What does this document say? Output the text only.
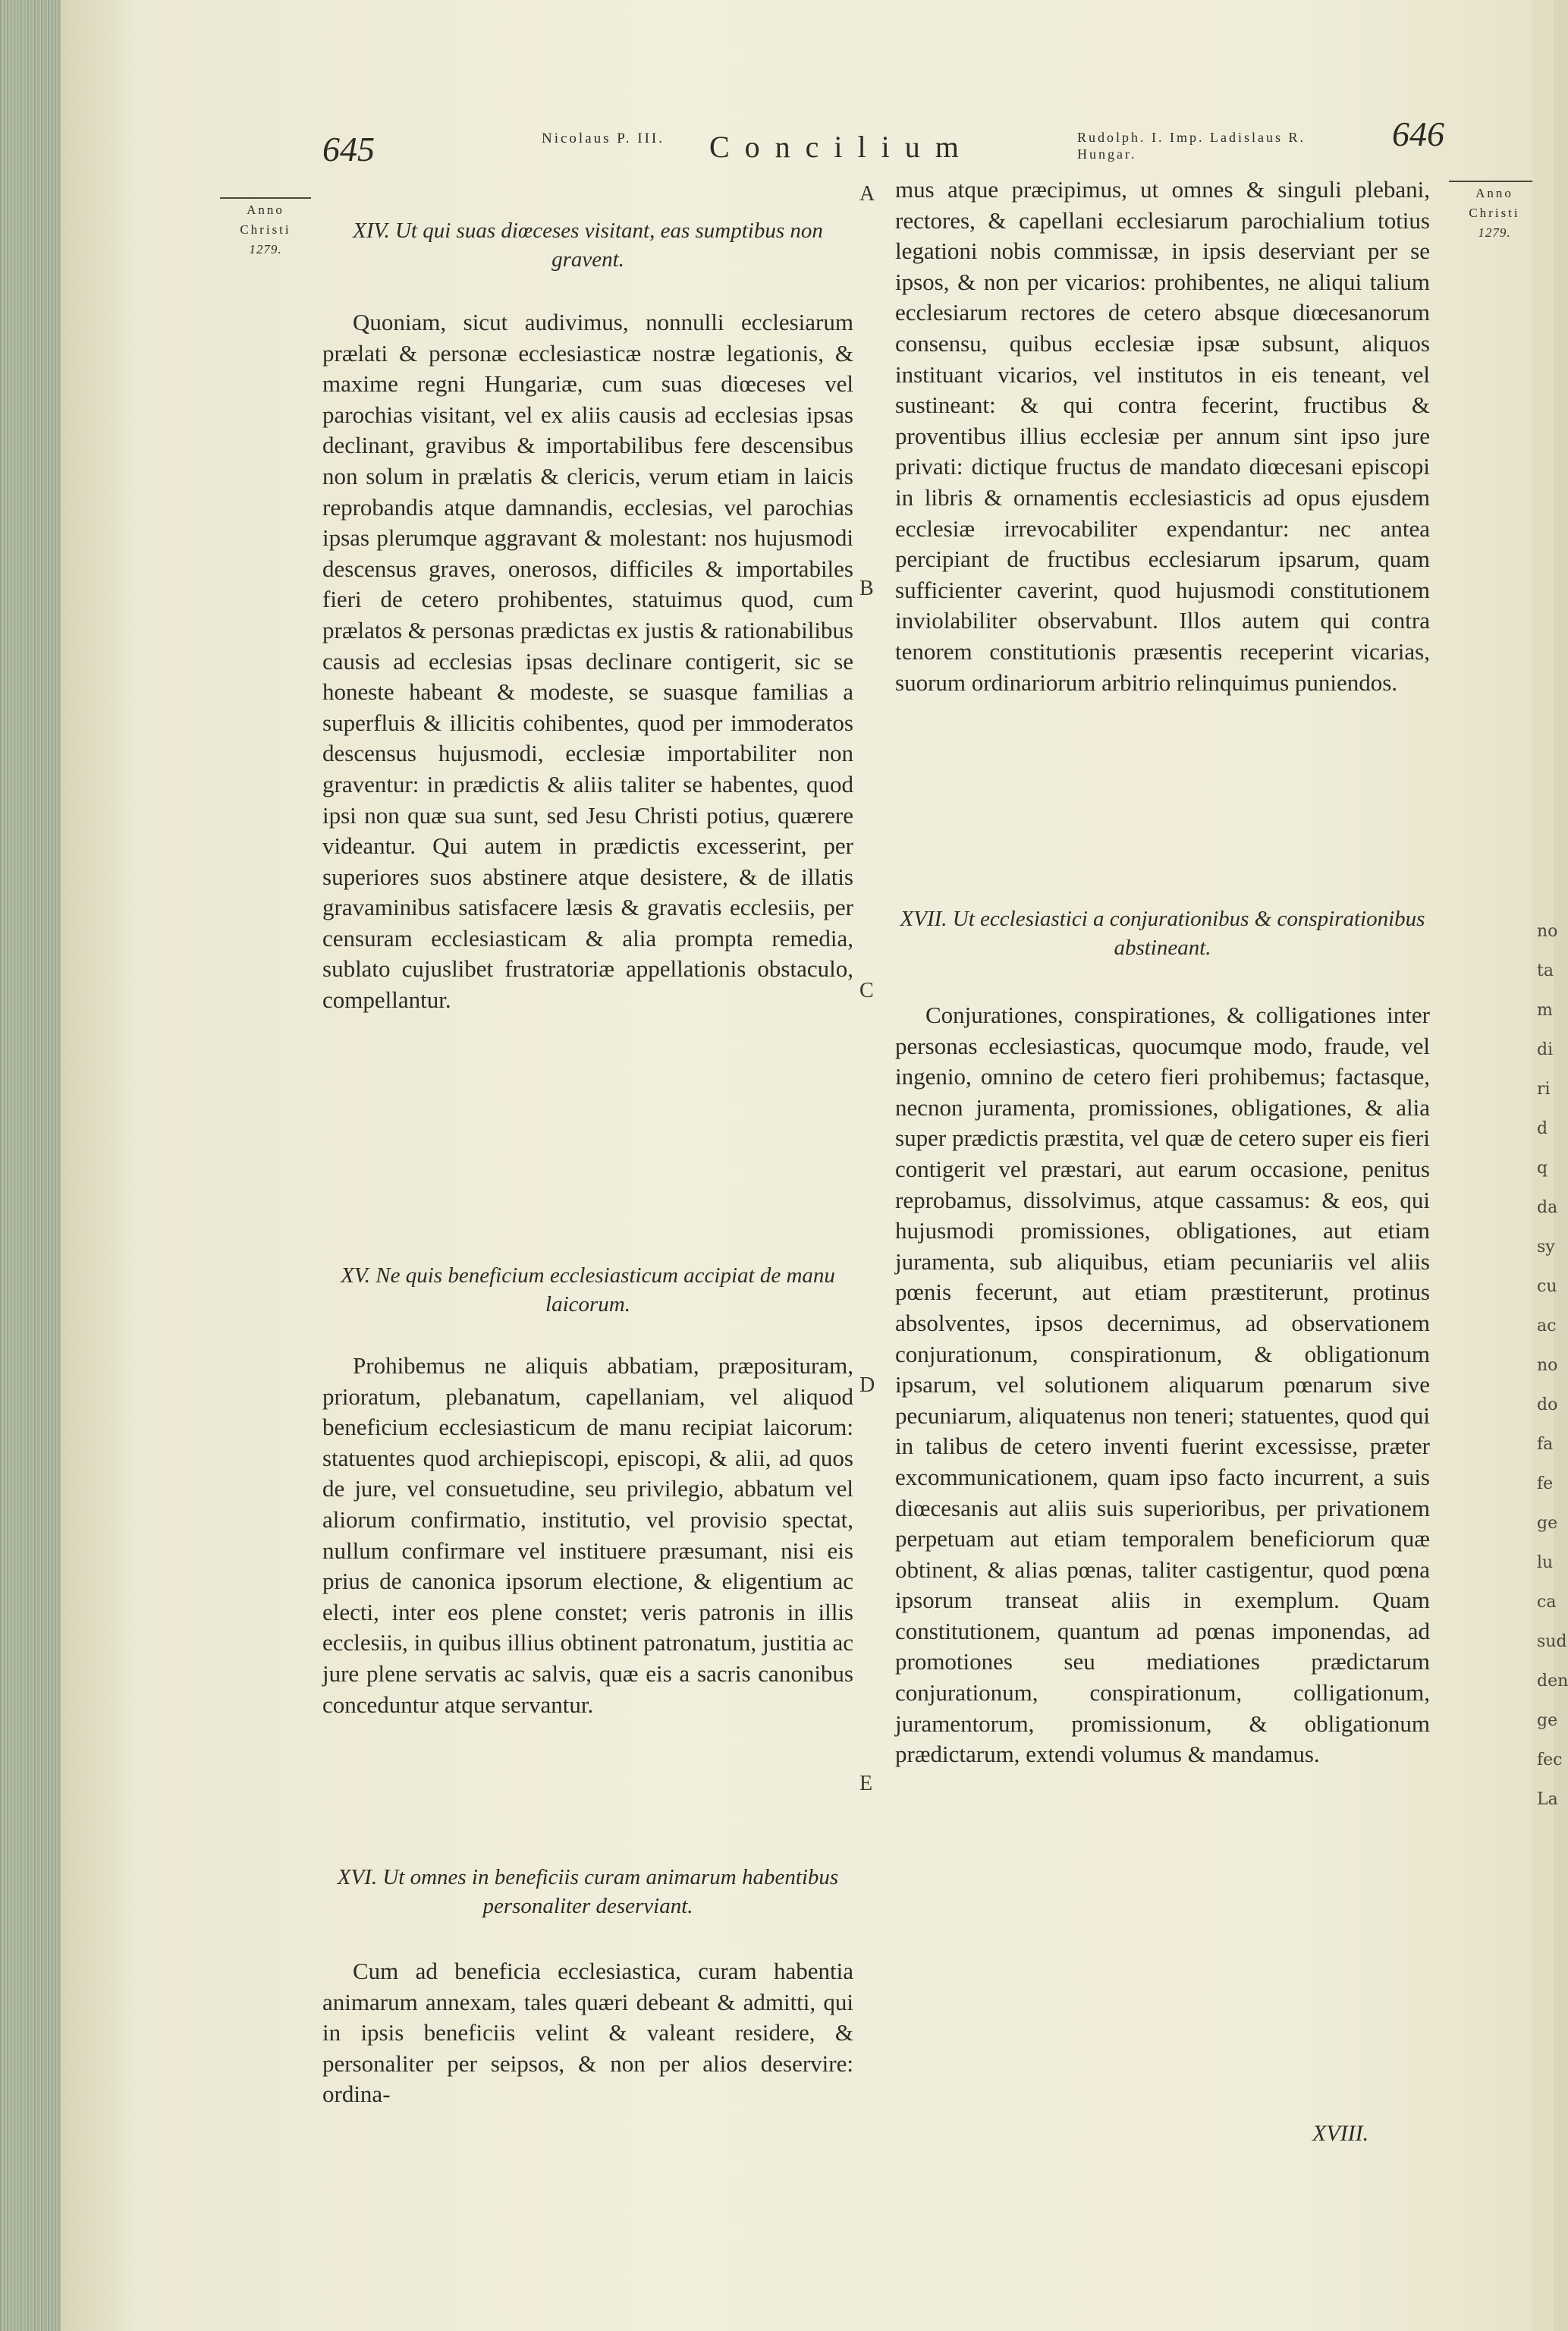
645	Nicolaus P. III.	Concilium	Rudolph. I. Imp. Ladislaus R. Hungar.
646
Anno
Christi
1279.
Anno
Christi
1279.
A
B
C
D
E
XIV. Ut qui suas diœceses visitant, eas sumptibus non gravent.
Quoniam, sicut audivimus, nonnulli ecclesiarum prælati & personæ ecclesiasticæ nostræ legationis, & maxime regni Hungariæ, cum suas diœceses vel parochias visitant, vel ex aliis causis ad ecclesias ipsas declinant, gravibus & importabilibus fere descensibus non solum in prælatis & clericis, verum etiam in laicis reprobandis atque damnandis, ecclesias, vel parochias ipsas plerumque aggravant & molestant: nos hujusmodi descensus graves, onerosos, difficiles & importabiles fieri de cetero prohibentes, statuimus quod, cum prælatos & personas prædictas ex justis & rationabilibus causis ad ecclesias ipsas declinare contigerit, sic se honeste habeant & modeste, se suasque familias a superfluis & illicitis cohibentes, quod per immoderatos descensus hujusmodi, ecclesiæ importabiliter non graventur: in prædictis & aliis taliter se habentes, quod ipsi non quæ sua sunt, sed Jesu Christi potius, quærere videantur. Qui autem in prædictis excesserint, per superiores suos abstinere atque desistere, & de illatis gravaminibus satisfacere læsis & gravatis ecclesiis, per censuram ecclesiasticam & alia prompta remedia, sublato cujuslibet frustratoriæ appellationis obstaculo, compellantur.
XV. Ne quis beneficium ecclesiasticum accipiat de manu laicorum.
Prohibemus ne aliquis abbatiam, præposituram, prioratum, plebanatum, capellaniam, vel aliquod beneficium ecclesiasticum de manu recipiat laicorum: statuentes quod archiepiscopi, episcopi, & alii, ad quos de jure, vel consuetudine, seu privilegio, abbatum vel aliorum confirmatio, institutio, vel provisio spectat, nullum confirmare vel instituere præsumant, nisi eis prius de canonica ipsorum electione, & eligentium ac electi, inter eos plene constet; veris patronis in illis ecclesiis, in quibus illius obtinent patronatum, justitia ac jure plene servatis ac salvis, quæ eis a sacris canonibus conceduntur atque servantur.
XVI. Ut omnes in beneficiis curam animarum habentibus personaliter deserviant.
Cum ad beneficia ecclesiastica, curam habentia animarum annexam, tales quæri debeant & admitti, qui in ipsis beneficiis velint & valeant residere, & personaliter per seipsos, & non per alios deservire: ordina-
mus atque præcipimus, ut omnes & singuli plebani, rectores, & capellani ecclesiarum parochialium totius legationi nobis commissæ, in ipsis deserviant per se ipsos, & non per vicarios: prohibentes, ne aliqui talium ecclesiarum rectores de cetero absque diœcesanorum consensu, quibus ecclesiæ ipsæ subsunt, aliquos instituant vicarios, vel institutos in eis teneant, vel sustineant: & qui contra fecerint, fructibus & proventibus illius ecclesiæ per annum sint ipso jure privati: dictique fructus de mandato diœcesani episcopi in libris & ornamentis ecclesiasticis ad opus ejusdem ecclesiæ irrevocabiliter expendantur: nec antea percipiant de fructibus ecclesiarum ipsarum, quam sufficienter caverint, quod hujusmodi constitutionem inviolabiliter observabunt. Illos autem qui contra tenorem constitutionis præsentis receperint vicarias, suorum ordinariorum arbitrio relinquimus puniendos.
XVII. Ut ecclesiastici a conjurationibus & conspirationibus abstineant.
Conjurationes, conspirationes, & colligationes inter personas ecclesiasticas, quocumque modo, fraude, vel ingenio, omnino de cetero fieri prohibemus; factasque, necnon juramenta, promissiones, obligationes, & alia super prædictis præstita, vel quæ de cetero super eis fieri contigerit vel præstari, aut earum occasione, penitus reprobamus, dissolvimus, atque cassamus: & eos, qui hujusmodi promissiones, obligationes, aut etiam juramenta, sub aliquibus, etiam pecuniariis vel aliis pœnis fecerunt, aut etiam præstiterunt, protinus absolventes, ipsos decernimus, ad observationem conjurationum, conspirationum, & obligationum ipsarum, vel solutionem aliquarum pœnarum sive pecuniarum, aliquatenus non teneri; statuentes, quod qui in talibus de cetero inventi fuerint excessisse, præter excommunicationem, quam ipso facto incurrent, a suis diœcesanis aut aliis suis superioribus, per privationem perpetuam aut etiam temporalem beneficiorum quæ obtinent, & alias pœnas, taliter castigentur, quod pœna ipsorum transeat aliis in exemplum. Quam constitutionem, quantum ad pœnas imponendas, ad promotiones seu mediationes prædictarum conjurationum, conspirationum, colligationum, juramentorum, promissionum, & obligationum prædictarum, extendi volumus & mandamus.
XVIII.
no
ta
m
di
ri
d
q
da
sy
cu
ac
no
do
fa
fe
ge
lu
ca
sud
den
ge
fec
La
